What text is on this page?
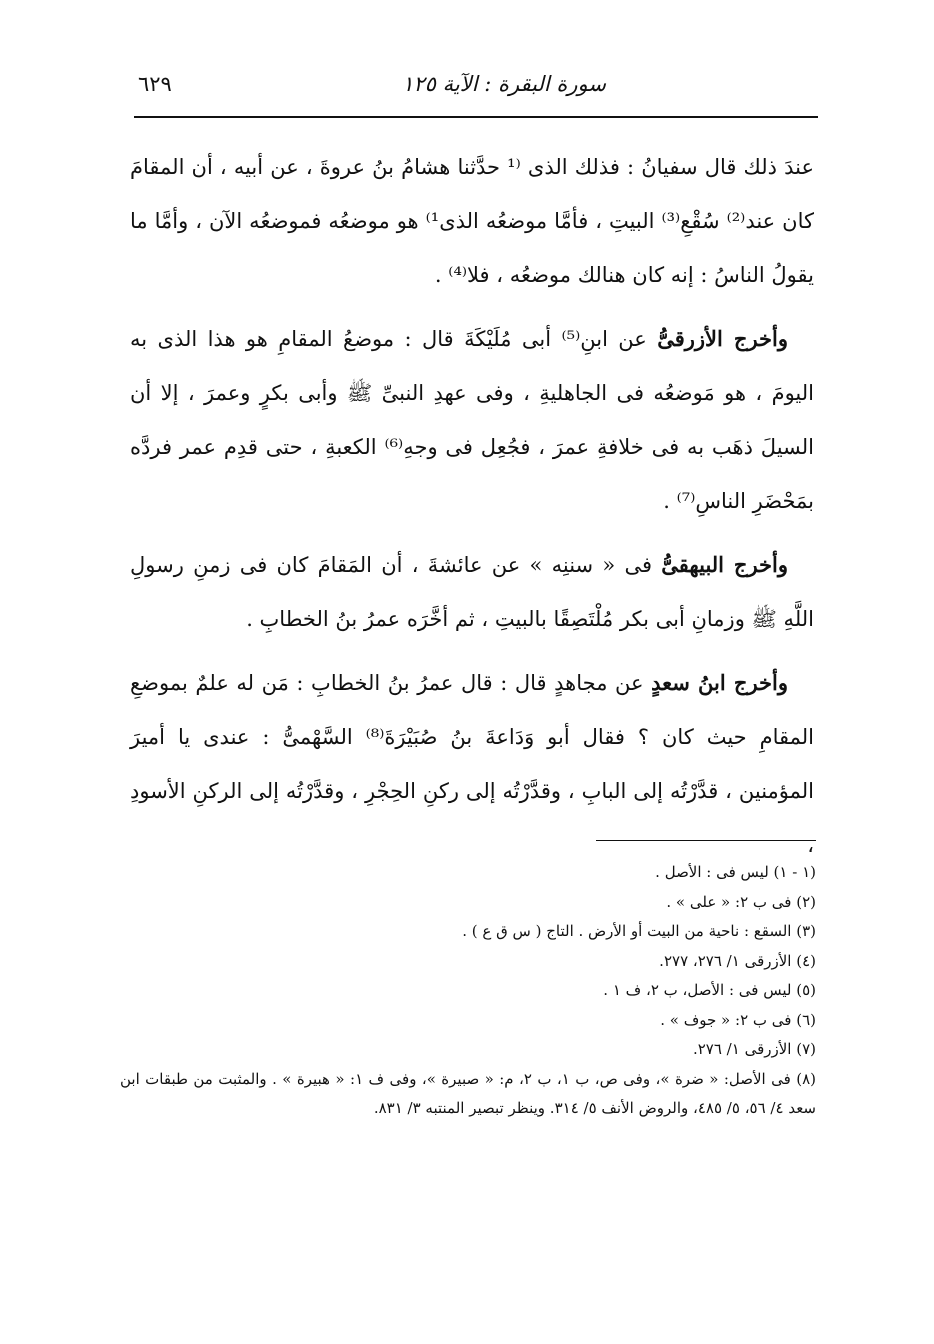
سورة البقرة : الآية ١٢٥
٦٢٩

عندَ ذلك قال سفيانُ : فذلك الذى ⁽¹ حدَّثنا هشامُ بنُ عروةَ ، عن أبيه ، أن المقامَ كان عند⁽²⁾ سُقْعِ⁽³⁾ البيتِ ، فأمَّا موضعُه الذى¹⁾ هو موضعُه فموضعُه الآن ، وأمَّا ما يقولُ الناسُ : إنه كان هنالك موضعُه ، فلا⁽⁴⁾ .

وأخرج الأزرقىُّ عن ابنِ⁽⁵⁾ أبى مُلَيْكَةَ قال : موضعُ المقامِ هو هذا الذى به اليومَ ، هو مَوضعُه فى الجاهليةِ ، وفى عهدِ النبىِّ ﷺ وأبى بكرٍ وعمرَ ، إلا أن السيلَ ذهَب به فى خلافةِ عمرَ ، فجُعِل فى وجهِ⁽⁶⁾ الكعبةِ ، حتى قدِم عمر فردَّه بمَحْضَرِ الناسِ⁽⁷⁾ .

وأخرج البيهقىُّ فى « سننِه » عن عائشةَ ، أن المَقامَ كان فى زمنِ رسولِ اللَّهِ ﷺ وزمانِ أبى بكر مُلْتَصِقًا بالبيتِ ، ثم أخَّرَه عمرُ بنُ الخطابِ .

وأخرج ابنُ سعدٍ عن مجاهدٍ قال : قال عمرُ بنُ الخطابِ : مَن له علمٌ بموضعِ المقامِ حيث كان ؟ فقال أبو وَدَاعةَ بنُ صُبَيْرَةَ⁽⁸⁾ السَّهْمىُّ : عندى يا أميرَ المؤمنين ، قدَّرْتُه إلى البابِ ، وقدَّرْتُه إلى ركنِ الحِجْرِ ، وقدَّرْتُه إلى الركنِ الأسودِ ،

(١ - ١) ليس فى : الأصل .

(٢) فى ب ٢: « على » .

(٣) السقع : ناحية من البيت أو الأرض . التاج ( س ق ع ) .

(٤) الأزرقى ١/ ٢٧٦، ٢٧٧.

(٥) ليس فى : الأصل، ب ٢، ف ١ .

(٦) فى ب ٢: « جوف » .

(٧) الأزرقى ١/ ٢٧٦.

(٨) فى الأصل: « ضرة »، وفى ص، ب ١، ب ٢، م: « صبيرة »، وفى ف ١: « هبيرة » . والمثبت من طبقات ابن سعد ٤/ ٥٦، ٥/ ٤٨٥، والروض الأنف ٥/ ٣١٤. وينظر تبصير المنتبه ٣/ ٨٣١.
